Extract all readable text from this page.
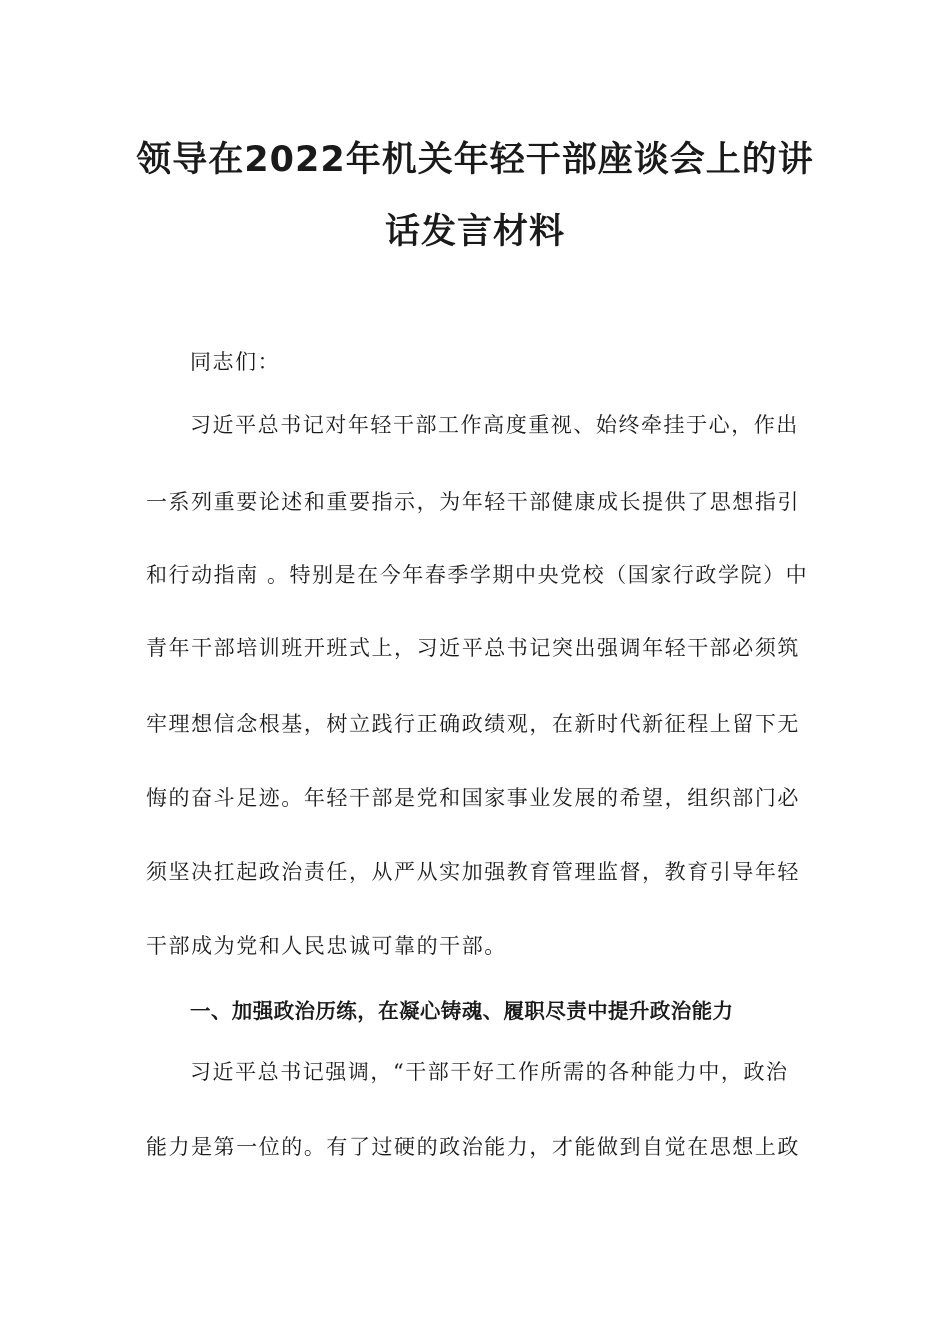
领导在2022年机关年轻干部座谈会上的讲
话发言材料
同志们：
习近平总书记对年轻干部工作高度重视、始终牵挂于心，作出
一系列重要论述和重要指示，为年轻干部健康成长提供了思想指引
和行动指南 。特别是在今年春季学期中央党校（国家行政学院）中
青年干部培训班开班式上，习近平总书记突出强调年轻干部必须筑
牢理想信念根基，树立践行正确政绩观，在新时代新征程上留下无
悔的奋斗足迹。年轻干部是党和国家事业发展的希望，组织部门必
须坚决扛起政治责任，从严从实加强教育管理监督，教育引导年轻
干部成为党和人民忠诚可靠的干部。
一、加强政治历练，在凝心铸魂、履职尽责中提升政治能力
习近平总书记强调，“干部干好工作所需的各种能力中，政治
能力是第一位的。有了过硬的政治能力，才能做到自觉在思想上政
